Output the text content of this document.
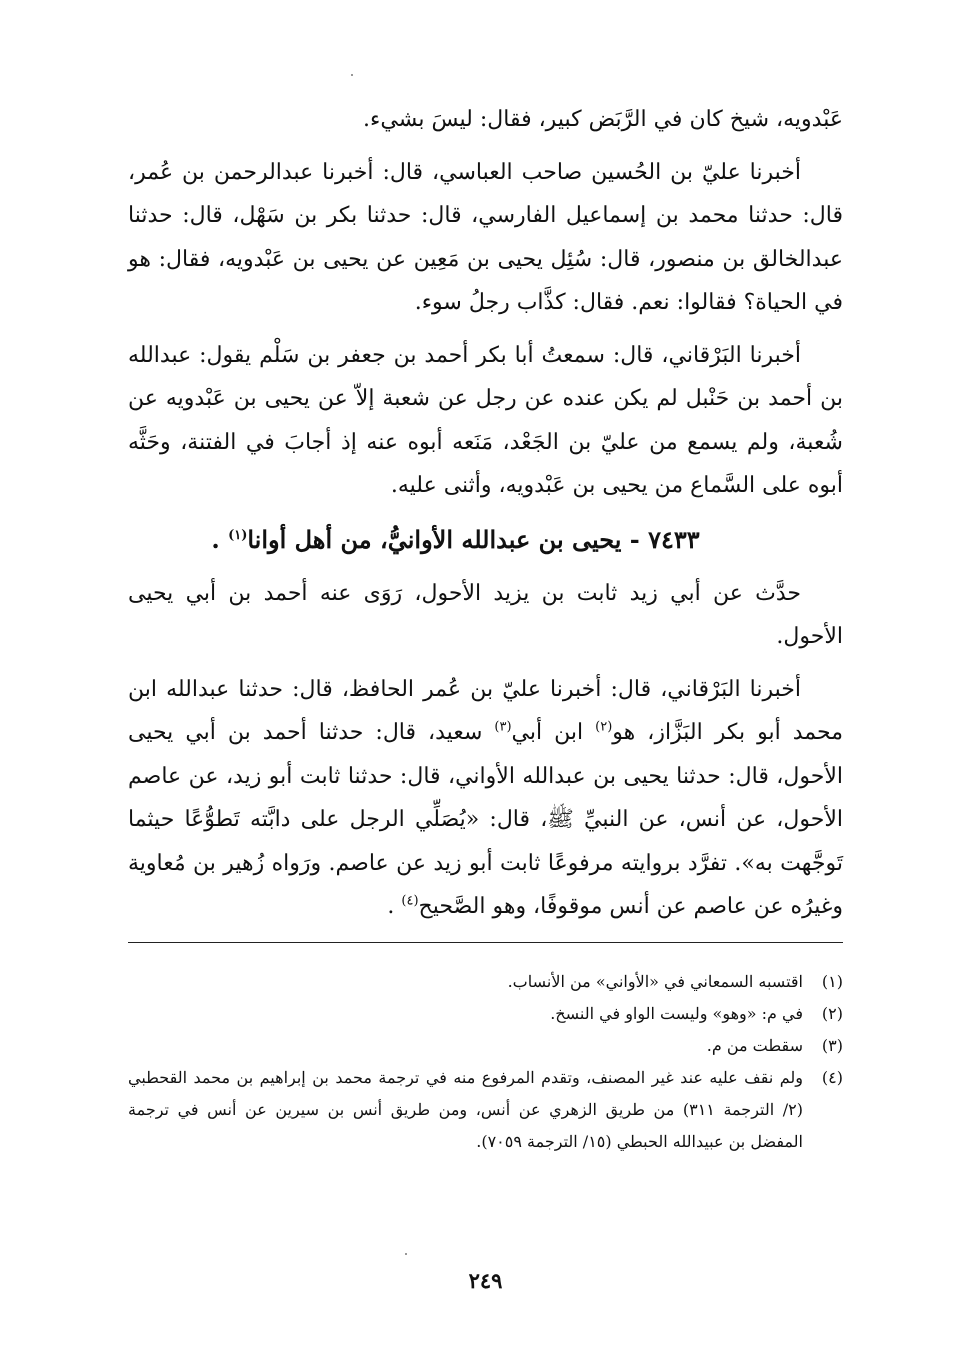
عَبْدويه، شيخ كان في الرَّبَض كبير، فقال: ليسَ بشيء.

أخبرنا عليّ بن الحُسين صاحب العباسي، قال: أخبرنا عبدالرحمن بن عُمر، قال: حدثنا محمد بن إسماعيل الفارسي، قال: حدثنا بكر بن سَهْل، قال: حدثنا عبدالخالق بن منصور، قال: سُئِل يحيى بن مَعِين عن يحيى بن عَبْدويه، فقال: هو في الحياة؟ فقالوا: نعم. فقال: كذَّاب رجلُ سوء.

أخبرنا البَرْقاني، قال: سمعتُ أبا بكر أحمد بن جعفر بن سَلْم يقول: عبدالله بن أحمد بن حَنْبل لم يكن عنده عن رجل عن شعبة إلاّ عن يحيى بن عَبْدويه عن شُعبة، ولم يسمع من عليّ بن الجَعْد، مَنَعه أبوه عنه إذ أجابَ في الفتنة، وحَثَّه أبوه على السَّماع من يحيى بن عَبْدويه، وأثنى عليه.

٧٤٣٣ - يحيى بن عبدالله الأوانيُّ، من أهل أوانا$^{(١)}$ .

حدَّث عن أبي زيد ثابت بن يزيد الأحول، رَوَى عنه أحمد بن أبي يحيى الأحول.

أخبرنا البَرْقاني، قال: أخبرنا عليّ بن عُمر الحافظ، قال: حدثنا عبدالله ابن محمد أبو بكر البَزَّاز، هو$^{(٢)}$ ابن أبي$^{(٣)}$ سعيد، قال: حدثنا أحمد بن أبي يحيى الأحول، قال: حدثنا يحيى بن عبدالله الأواني، قال: حدثنا ثابت أبو زيد، عن عاصم الأحول، عن أنس، عن النبيِّ ﷺ، قال: «يُصَلِّي الرجل على دابَّته تَطوُّعًا حيثما تَوجَّهت به». تفرَّد بروايته مرفوعًا ثابت أبو زيد عن عاصم. ورَواه زُهير بن مُعاوية وغيرُه عن عاصم عن أنس موقوفًا، وهو الصَّحيح$^{(٤)}$ .

(١)
اقتسبه السمعاني في «الأواني» من الأنساب.
(٢)
في م: «وهو» وليست الواو في النسخ.
(٣)
سقطت من م.
(٤)
ولم نقف عليه عند غير المصنف، وتقدم المرفوع منه في ترجمة محمد بن إبراهيم بن محمد القحطبي (٢/ الترجمة ٣١١) من طريق الزهري عن أنس، ومن طريق أنس بن سيرين عن أنس في ترجمة المفضل بن عبيدالله الحبطي (١٥/ الترجمة ٧٠٥٩).
٢٤٩
